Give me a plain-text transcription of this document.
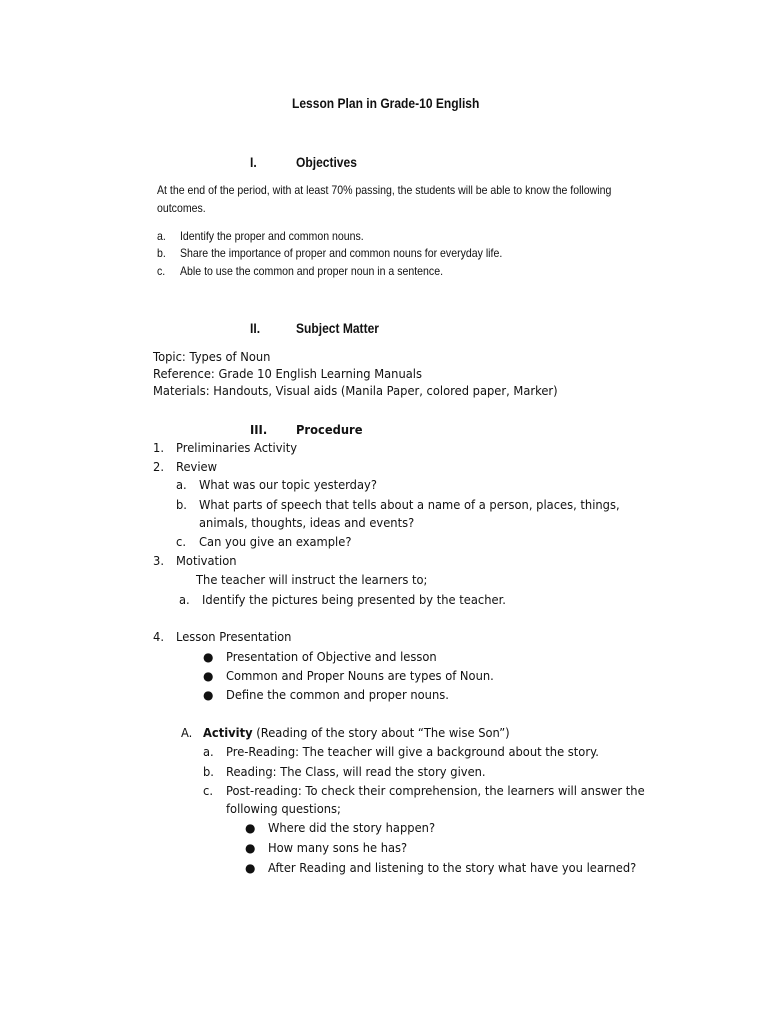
Lesson Plan in Grade-10 English
I.	Objectives
At the end of the period, with at least 70% passing, the students will be able to know the following
outcomes.
a. Identify the proper and common nouns.
b. Share the importance of proper and common nouns for everyday life.
c. Able to use the common and proper noun in a sentence.
II.	Subject Matter
Topic: Types of Noun
Reference: Grade 10 English Learning Manuals
Materials: Handouts, Visual aids (Manila Paper, colored paper, Marker)
III. Procedure
1. Preliminaries Activity
2. Review
a. What was our topic yesterday?
b. What parts of speech that tells about a name of a person, places, things,
animals, thoughts, ideas and events?
c. Can you give an example?
3. Motivation
The teacher will instruct the learners to;
a. Identify the pictures being presented by the teacher.
4. Lesson Presentation
● Presentation of Objective and lesson
● Common and Proper Nouns are types of Noun.
● Define the common and proper nouns.
A. Activity (Reading of the story about “The wise Son”)
a. Pre-Reading: The teacher will give a background about the story.
b. Reading: The Class, will read the story given.
c. Post-reading: To check their comprehension, the learners will answer the
following questions;
● Where did the story happen?
● How many sons he has?
● After Reading and listening to the story what have you learned?
